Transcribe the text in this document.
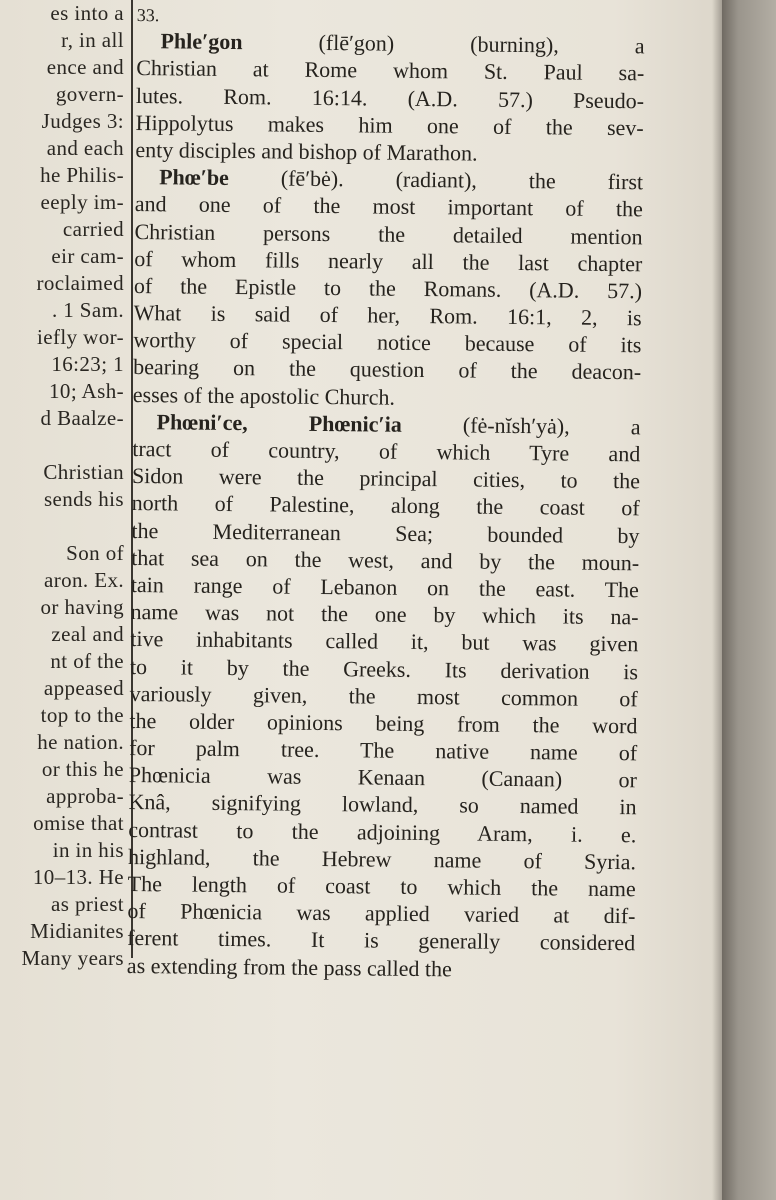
es into a
r, in all
ence and
govern-
Judges 3:
and each
he Philis-
eeply im-
carried
eir cam-
roclaimed
. 1 Sam.
iefly wor-
16:23; 1
10; Ash-
d Baalze-
Christian
sends his
Son of
aron. Ex.
or having
zeal and
nt of the
appeased
top to the
he nation.
or this he
approba-
omise that
in in his
10–13. He
as priest
Midianites
Many years
33.
Phle′gon	(flē′gon) (burning), a
Christian at Rome whom St. Paul sa-
lutes. Rom. 16:14. (A.D. 57.) Pseudo-
Hippolytus makes him one of the sev-
enty disciples and bishop of Marathon.
Phœ′be (fē′bė). (radiant), the first
and one of the most important of the
Christian persons the detailed mention
of whom fills nearly all the last chapter
of the Epistle to the Romans. (A.D. 57.)
What is said of her, Rom. 16:1, 2, is
worthy of special notice because of its
bearing on the question of the deacon-
esses of the apostolic Church.
Phœni′ce, Phœnic′ia	(fė-nĭsh′yȧ), a
tract of country, of which Tyre and
Sidon were the principal cities, to the
north of Palestine, along the coast of
the Mediterranean Sea; bounded by
that sea on the west, and by the moun-
tain range of Lebanon on the east. The
name was not the one by which its na-
tive inhabitants called it, but was given
to it by the Greeks. Its derivation is
variously given, the most common of
the older opinions being from the word
for palm tree. The native name of
Phœnicia was Kenaan (Canaan) or
Knâ, signifying lowland, so named in
contrast to the adjoining Aram, i. e.
highland, the Hebrew name of Syria.
The length of coast to which the name
of Phœnicia was applied varied at dif-
ferent times. It is generally considered
as extending from the pass called the
